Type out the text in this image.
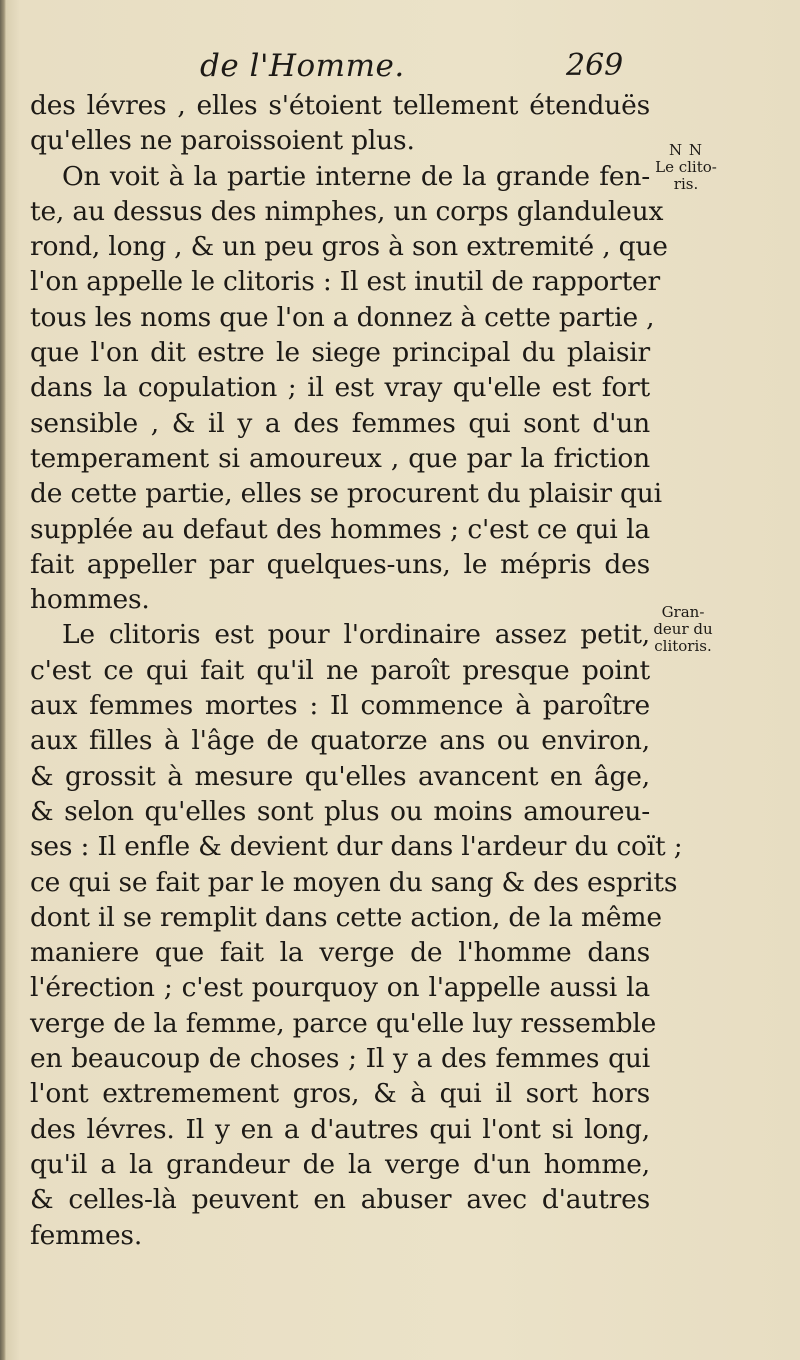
de l'Homme.	269
des lévres , elles s'étoient tellement étenduës
qu'elles ne paroissoient plus.
On voit à la partie interne de la grande fen-
te, au dessus des nimphes, un corps glanduleux
rond, long , & un peu gros à son extremité , que
l'on appelle le clitoris : Il est inutil de rapporter
tous les noms que l'on a donnez à cette partie ,
que l'on dit estre le siege principal du plaisir
dans la copulation ; il est vray qu'elle est fort
sensible , & il y a des femmes qui sont d'un
temperament si amoureux , que par la friction
de cette partie, elles se procurent du plaisir qui
supplée au defaut des hommes ; c'est ce qui la
fait appeller par quelques-uns, le mépris des
hommes.
Le clitoris est pour l'ordinaire assez petit,
c'est ce qui fait qu'il ne paroît presque point
aux femmes mortes : Il commence à paroître
aux filles à l'âge de quatorze ans ou environ,
& grossit à mesure qu'elles avancent en âge,
& selon qu'elles sont plus ou moins amoureu-
ses : Il enfle & devient dur dans l'ardeur du coït ;
ce qui se fait par le moyen du sang & des esprits
dont il se remplit dans cette action, de la même
maniere que fait la verge de l'homme dans
l'érection ; c'est pourquoy on l'appelle aussi la
verge de la femme, parce qu'elle luy ressemble
en beaucoup de choses ; Il y a des femmes qui
l'ont extremement gros, & à qui il sort hors
des lévres. Il y en a d'autres qui l'ont si long,
qu'il a la grandeur de la verge d'un homme,
& celles-là peuvent en abuser avec d'autres
femmes.
N N
Le clito-
ris.
Gran-
deur du
clitoris.
